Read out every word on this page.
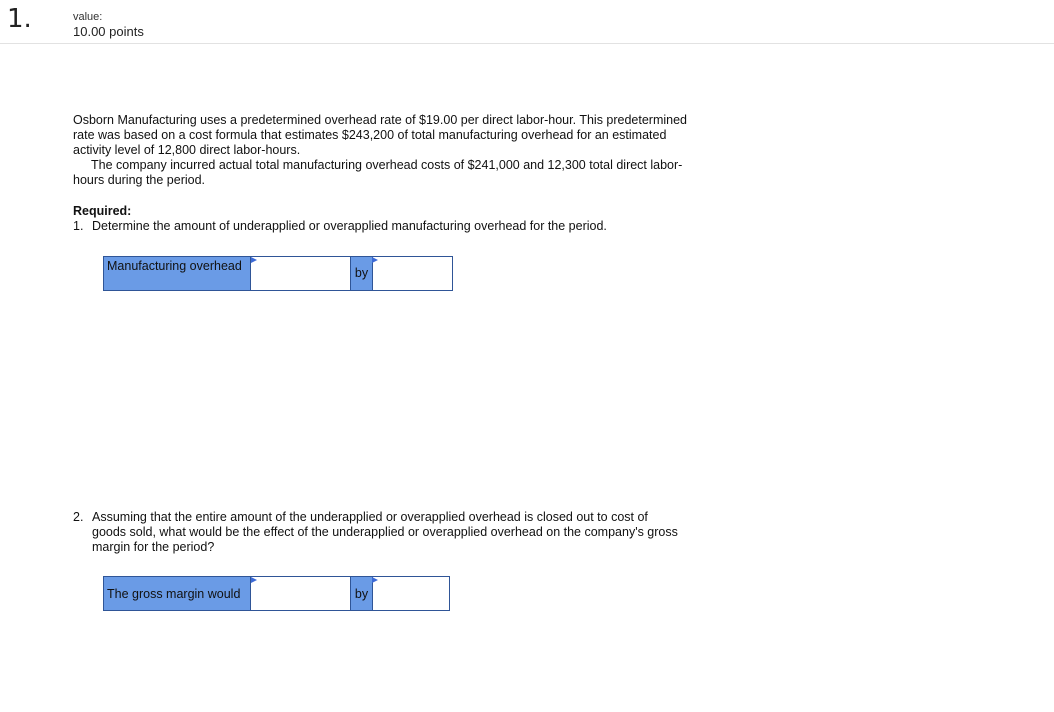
1.	value:
10.00 points

Osborn Manufacturing uses a predetermined overhead rate of $19.00 per direct labor-hour. This predetermined rate was based on a cost formula that estimates $243,200 of total manufacturing overhead for an estimated activity level of 12,800 direct labor-hours.

The company incurred actual total manufacturing overhead costs of $241,000 and 12,300 total direct labor-hours during the period.

Required:
1. Determine the amount of underapplied or overapplied manufacturing overhead for the period.
Manufacturing overhead	by
2. Assuming that the entire amount of the underapplied or overapplied overhead is closed out to cost of goods sold, what would be the effect of the underapplied or overapplied overhead on the company's gross margin for the period?
The gross margin would	by
